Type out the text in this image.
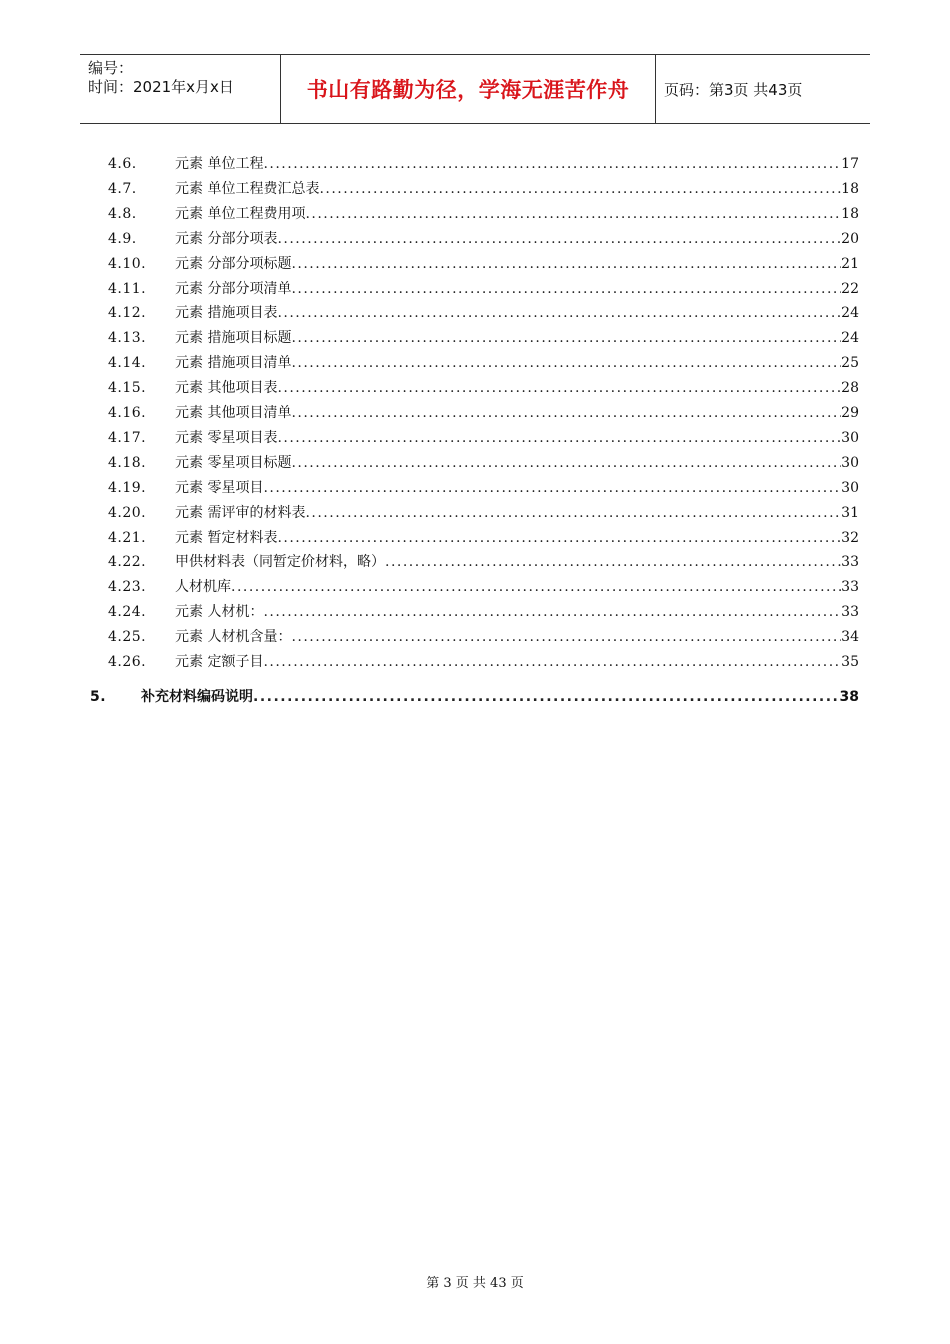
编号：
时间：2021年x月x日	书山有路勤为径，学海无涯苦作舟	页码：第3页 共43页
4.6.	元素 单位工程 .....	17
4.7.	元素 单位工程费汇总表 .....	18
4.8.	元素 单位工程费用项 .....	18
4.9.	元素 分部分项表 .....	20
4.10. 元素 分部分项标题 .....	21
4.11. 元素 分部分项清单 .....	22
4.12. 元素 措施项目表 .....	24
4.13. 元素 措施项目标题 .....	24
4.14. 元素 措施项目清单 .....	25
4.15. 元素 其他项目表 .....	28
4.16. 元素 其他项目清单 .....	29
4.17. 元素 零星项目表 .....	30
4.18. 元素 零星项目标题 .....	30
4.19. 元素 零星项目 .....	30
4.20. 元素 需评审的材料表 .....	31
4.21. 元素 暂定材料表 .....	32
4.22. 甲供材料表（同暂定价材料，略） .....	33
4.23. 人材机库 .....	33
4.24. 元素 人材机： .....	33
4.25. 元素 人材机含量： .....	34
4.26. 元素 定额子目 .....	35
5. 补充材料编码说明 .....	38
第 3 页 共 43 页
